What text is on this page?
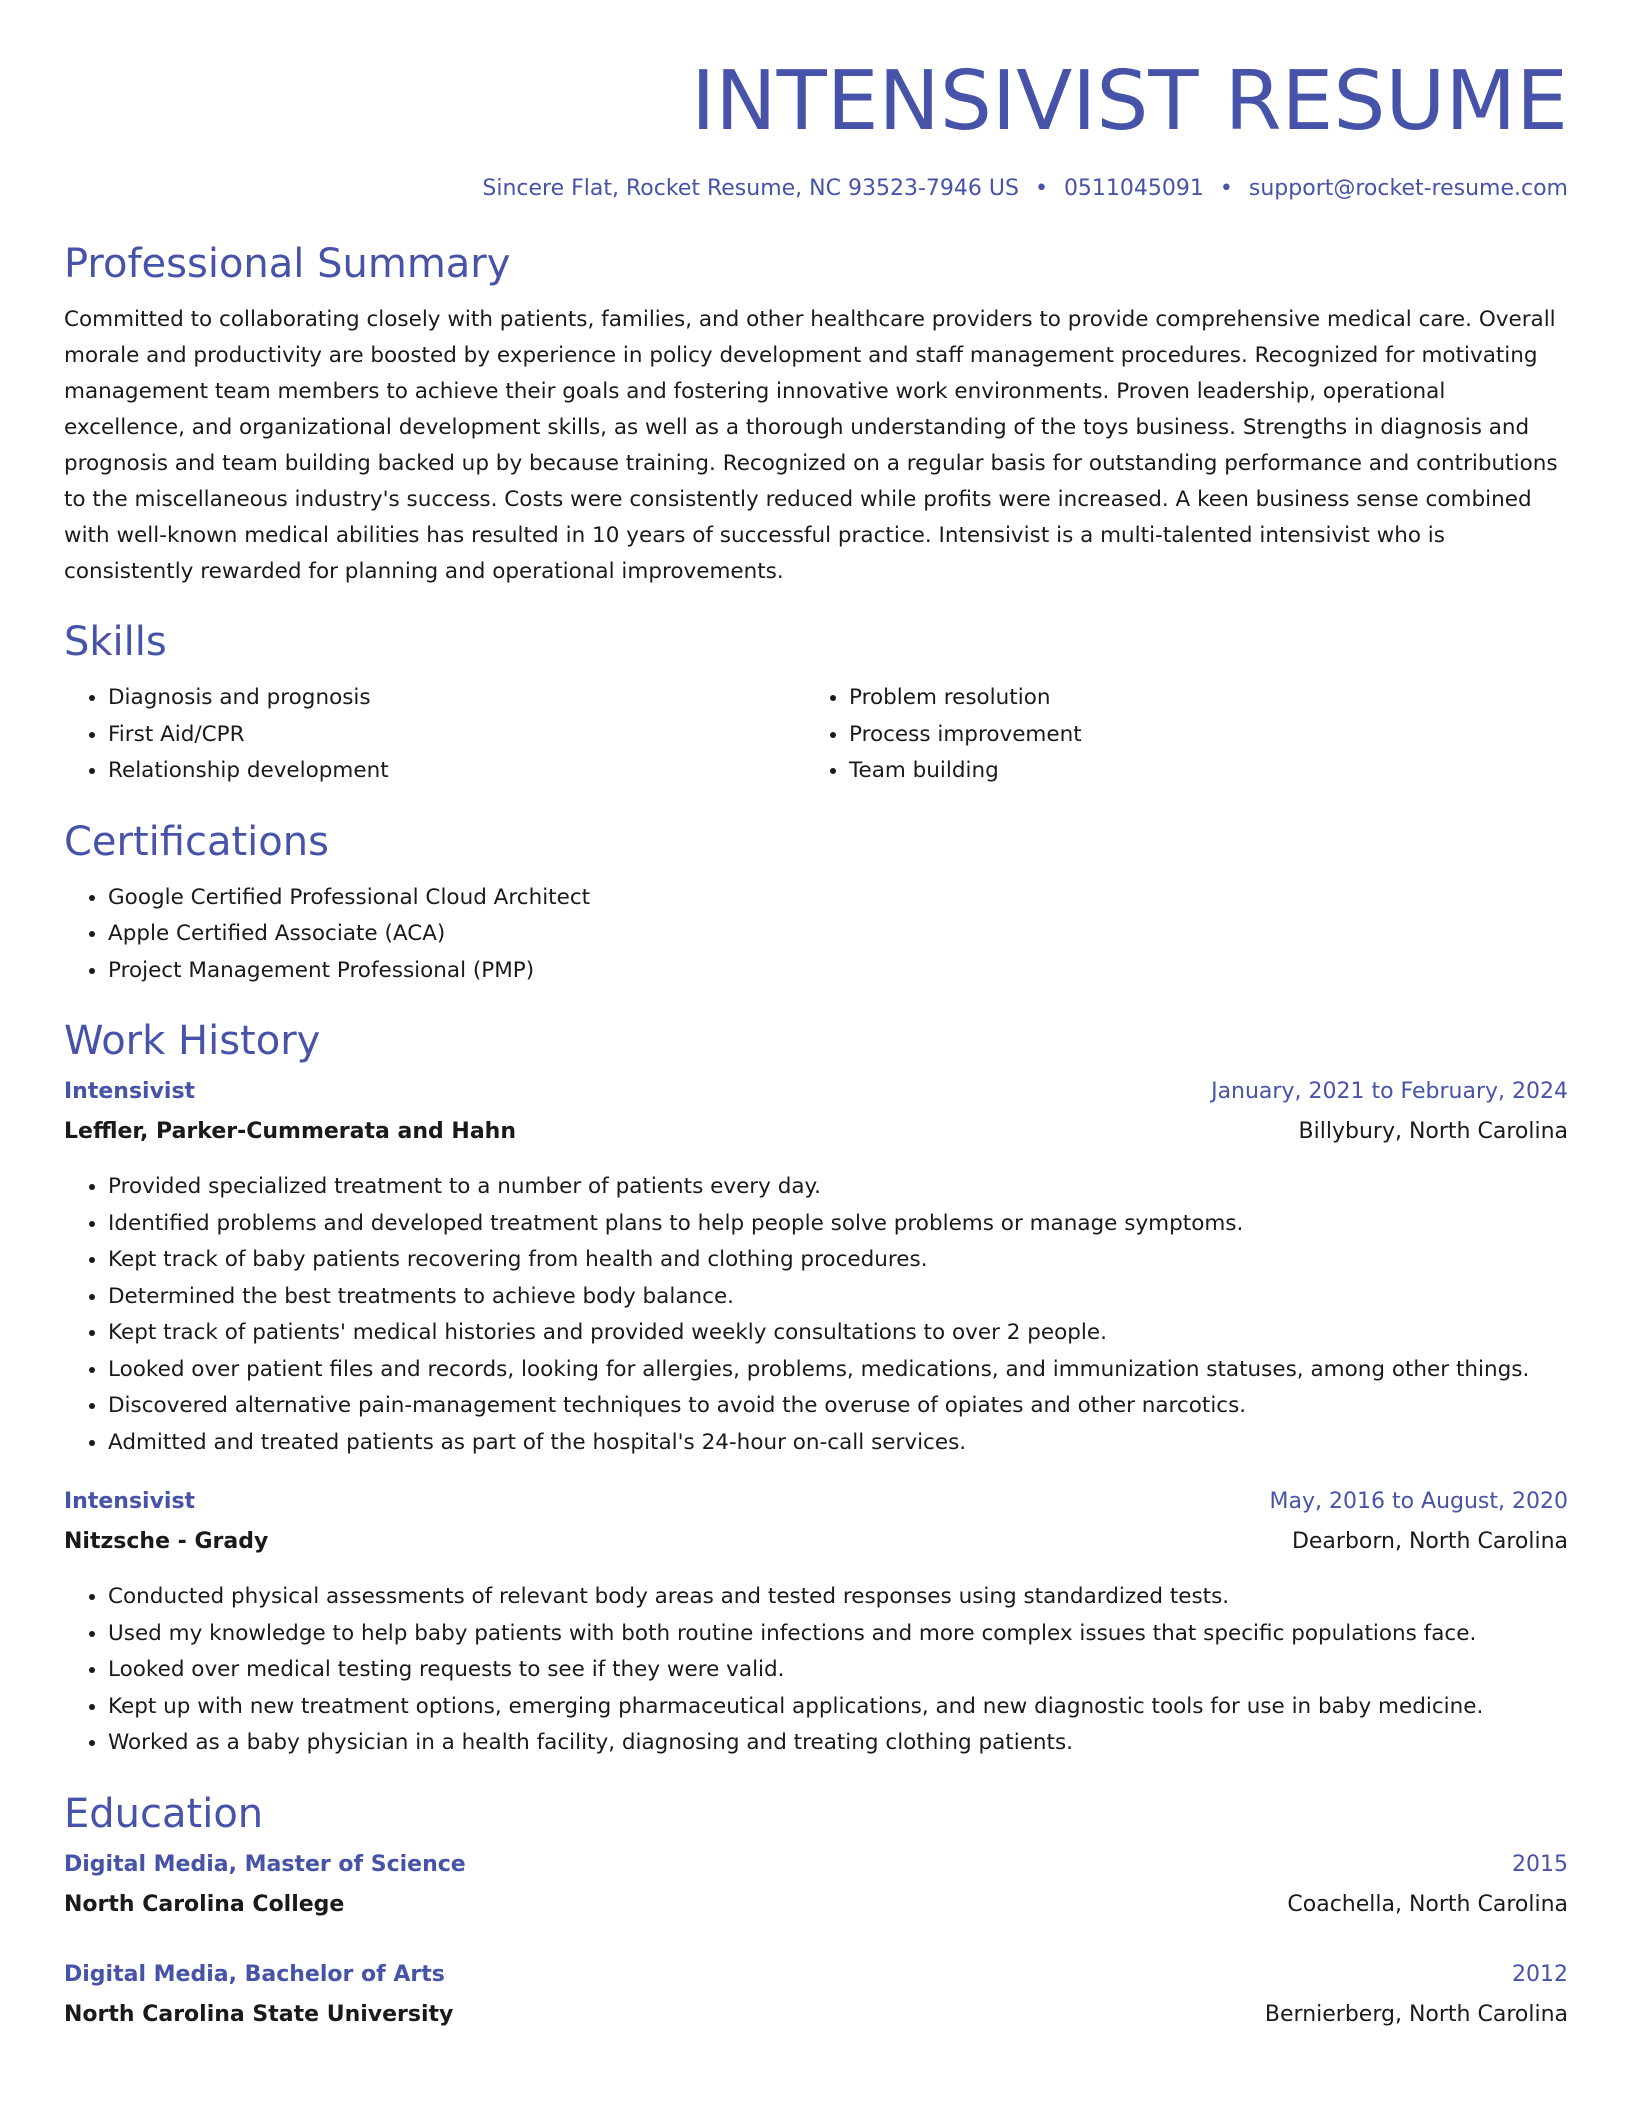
INTENSIVIST RESUME
Sincere Flat, Rocket Resume, NC 93523-7946 US • 0511045091 • support@rocket-resume.com
Professional Summary

Committed to collaborating closely with patients, families, and other healthcare providers to provide comprehensive medical care. Overall morale and productivity are boosted by experience in policy development and staff management procedures. Recognized for motivating management team members to achieve their goals and fostering innovative work environments. Proven leadership, operational excellence, and organizational development skills, as well as a thorough understanding of the toys business. Strengths in diagnosis and prognosis and team building backed up by because training. Recognized on a regular basis for outstanding performance and contributions to the miscellaneous industry's success. Costs were consistently reduced while profits were increased. A keen business sense combined with well-known medical abilities has resulted in 10 years of successful practice. Intensivist is a multi-talented intensivist who is consistently rewarded for planning and operational improvements.

Skills
• Diagnosis and prognosis
• First Aid/CPR
• Relationship development
• Problem resolution
• Process improvement
• Team building
Certifications
• Google Certified Professional Cloud Architect
• Apple Certified Associate (ACA)
• Project Management Professional (PMP)
Work History
Intensivist	January, 2021 to February, 2024
Leffler, Parker-Cummerata and Hahn	Billybury, North Carolina
• Provided specialized treatment to a number of patients every day.
• Identified problems and developed treatment plans to help people solve problems or manage symptoms.
• Kept track of baby patients recovering from health and clothing procedures.
• Determined the best treatments to achieve body balance.
• Kept track of patients' medical histories and provided weekly consultations to over 2 people.
• Looked over patient files and records, looking for allergies, problems, medications, and immunization statuses, among other things.
• Discovered alternative pain-management techniques to avoid the overuse of opiates and other narcotics.
• Admitted and treated patients as part of the hospital's 24-hour on-call services.
Intensivist	May, 2016 to August, 2020
Nitzsche - Grady	Dearborn, North Carolina
• Conducted physical assessments of relevant body areas and tested responses using standardized tests.
• Used my knowledge to help baby patients with both routine infections and more complex issues that specific populations face.
• Looked over medical testing requests to see if they were valid.
• Kept up with new treatment options, emerging pharmaceutical applications, and new diagnostic tools for use in baby medicine.
• Worked as a baby physician in a health facility, diagnosing and treating clothing patients.
Education
Digital Media, Master of Science	2015
North Carolina College	Coachella, North Carolina
Digital Media, Bachelor of Arts	2012
North Carolina State University	Bernierberg, North Carolina
